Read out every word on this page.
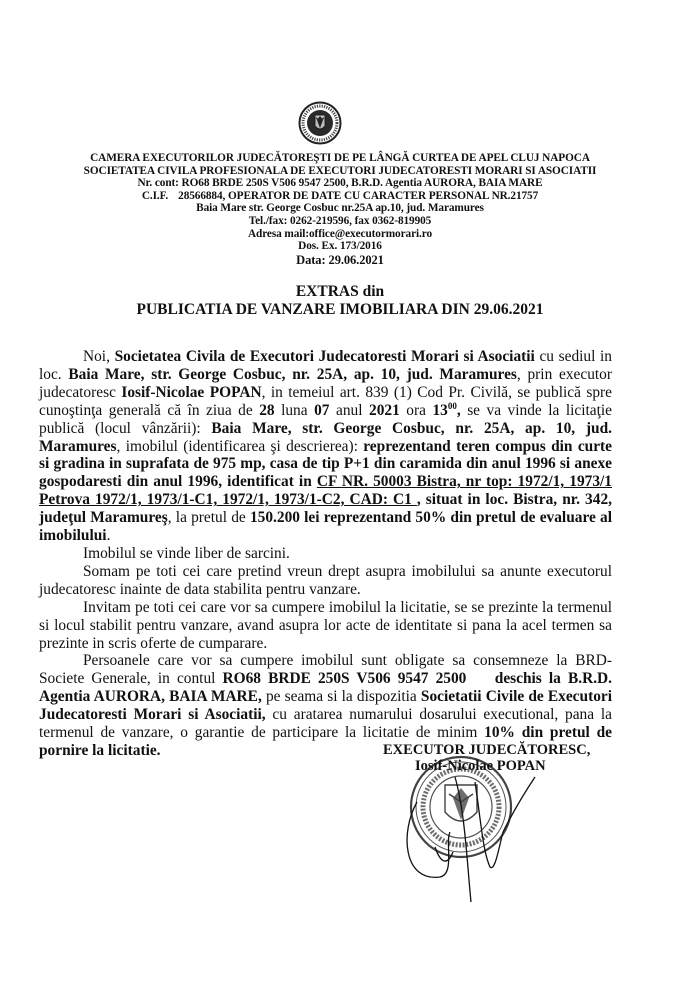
CAMERA EXECUTORILOR JUDECĂTOREŞTI DE PE LÂNGĂ CURTEA DE APEL CLUJ NAPOCA
SOCIETATEA CIVILA PROFESIONALA DE EXECUTORI JUDECATORESTI MORARI SI ASOCIATII
Nr. cont: RO68 BRDE 250S V506 9547 2500, B.R.D. Agentia AURORA, BAIA MARE
C.I.F. 28566884, OPERATOR DE DATE CU CARACTER PERSONAL NR.21757
Baia Mare str. George Cosbuc nr.25A ap.10, jud. Maramures
Tel./fax: 0262-219596, fax 0362-819905
Adresa mail:office@executormorari.ro
Dos. Ex. 173/2016
Data: 29.06.2021
EXTRAS din
PUBLICATIA DE VANZARE IMOBILIARA DIN 29.06.2021

Noi, Societatea Civila de Executori Judecatoresti Morari si Asociatii cu sediul in loc. Baia Mare, str. George Cosbuc, nr. 25A, ap. 10, jud. Maramures, prin executor judecatoresc Iosif-Nicolae POPAN, in temeiul art. 839 (1) Cod Pr. Civilă, se publică spre cunoştinţa generală că în ziua de 28 luna 07 anul 2021 ora $13^{00}$, se va vinde la licitaţie publică (locul vânzării): Baia Mare, str. George Cosbuc, nr. 25A, ap. 10, jud. Maramures, imobilul (identificarea şi descrierea): reprezentand teren compus din curte si gradina in suprafata de 975 mp, casa de tip P+1 din caramida din anul 1996 si anexe gospodaresti din anul 1996, identificat in CF NR. 50003 Bistra, nr top: 1972/1, 1973/1 Petrova 1972/1, 1973/1-C1, 1972/1, 1973/1-C2, CAD: C1 , situat in loc. Bistra, nr. 342, judeţul Maramureş, la pretul de 150.200 lei reprezentand 50% din pretul de evaluare al imobilului.

Imobilul se vinde liber de sarcini.

Somam pe toti cei care pretind vreun drept asupra imobilului sa anunte executorul judecatoresc inainte de data stabilita pentru vanzare.

Invitam pe toti cei care vor sa cumpere imobilul la licitatie, se se prezinte la termenul si locul stabilit pentru vanzare, avand asupra lor acte de identitate si pana la acel termen sa prezinte in scris oferte de cumparare.

Persoanele care vor sa cumpere imobilul sunt obligate sa consemneze la BRD-Societe Generale, in contul RO68 BRDE 250S V506 9547 2500 deschis la B.R.D. Agentia AURORA, BAIA MARE, pe seama si la dispozitia Societatii Civile de Executori Judecatoresti Morari si Asociatii, cu aratarea numarului dosarului executional, pana la termenul de vanzare, o garantie de participare la licitatie de minim 10% din pretul de pornire la licitatie.	EXECUTOR JUDECĂTORESC,
Iosif-Nicolae POPAN
